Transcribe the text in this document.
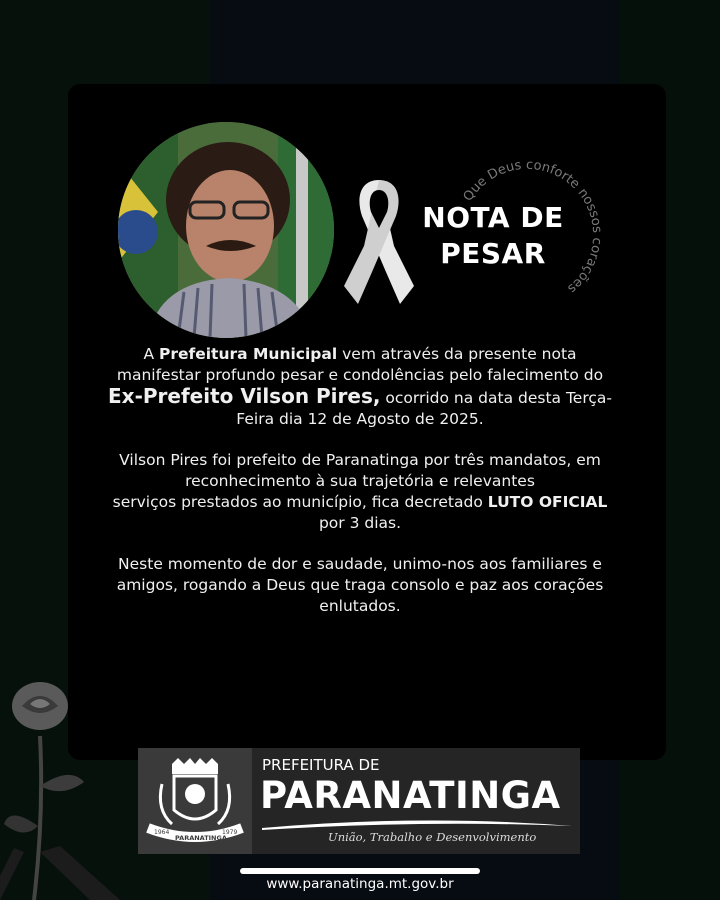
NOTA DE
PESAR
Que Deus conforte nossos corações

A Prefeitura Municipal vem através da presente nota manifestar profundo pesar e condolências pelo falecimento do Ex-Prefeito Vilson Pires, ocorrido na data desta Terça-Feira dia 12 de Agosto de 2025.

Vilson Pires foi prefeito de Paranatinga por três mandatos, em reconhecimento à sua trajetória e relevantes
serviços prestados ao município, fica decretado LUTO OFICIAL por 3 dias.

Neste momento de dor e saudade, unimo-nos aos familiares e amigos, rogando a Deus que traga consolo e paz aos corações enlutados.

1964
PARANATINGA
1979
PREFEITURA DE
PARANATINGA
União, Trabalho e Desenvolvimento
www.paranatinga.mt.gov.br
